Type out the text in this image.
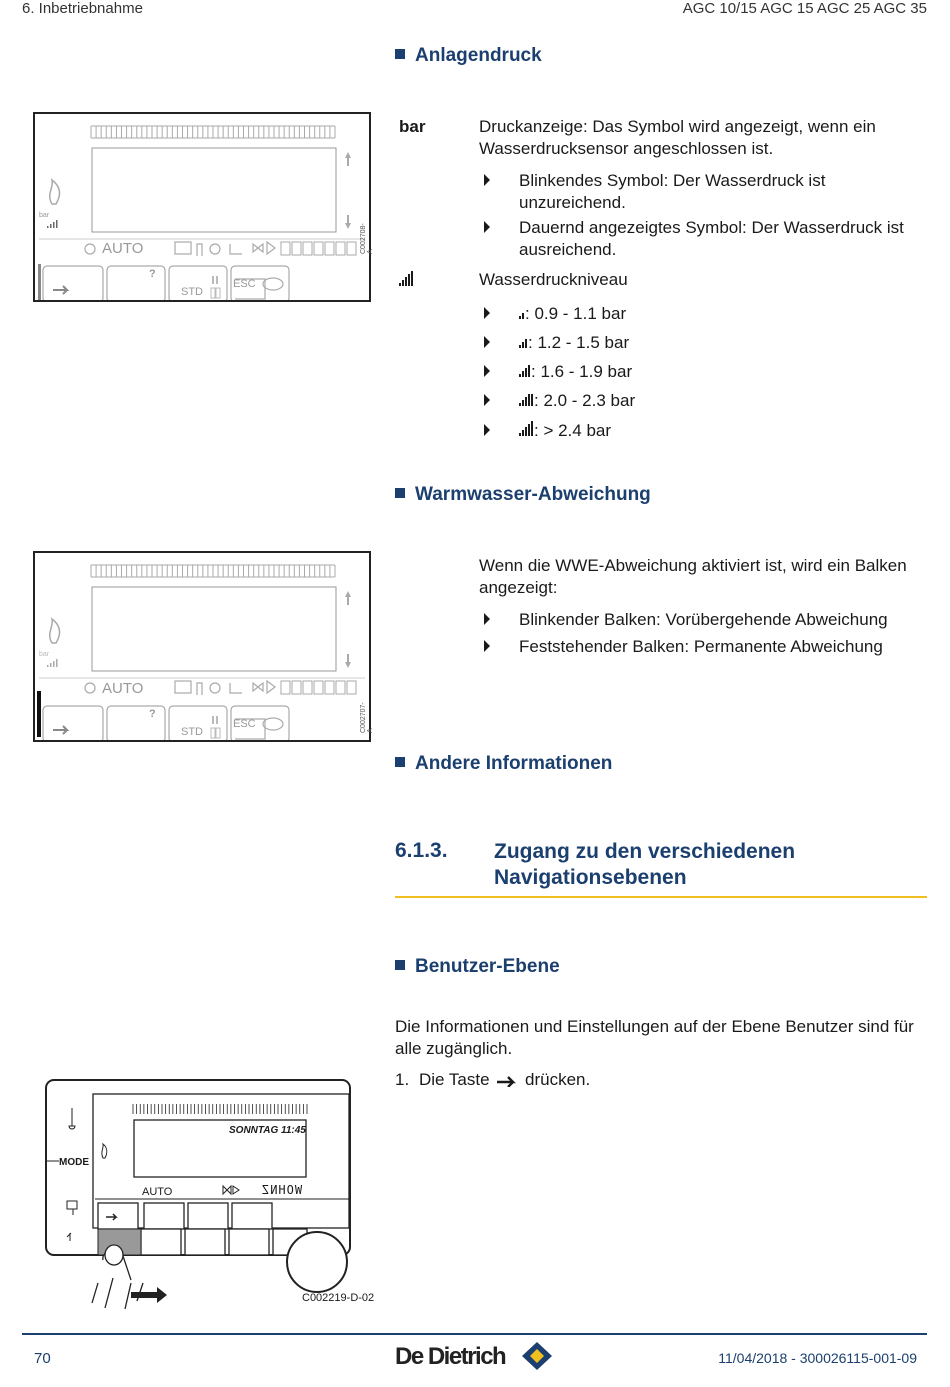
6. Inbetriebnahme	AGC 10/15 AGC 15 AGC 25 AGC 35
Anlagendruck
AUTO
bar
?
STD
ESC
C002708-A
bar	Druckanzeige: Das Symbol wird angezeigt, wenn ein Wasserdrucksensor angeschlossen ist.
Blinkendes Symbol: Der Wasserdruck ist unzureichend.
Dauernd angezeigtes Symbol: Der Wasserdruck ist ausreichend.
Wasserdruckniveau
: 0.9 - 1.1 bar
: 1.2 - 1.5 bar
: 1.6 - 1.9 bar
: 2.0 - 2.3 bar
: > 2.4 bar
Warmwasser-Abweichung
AUTO
bar
?
STD
ESC	C002707-A
Wenn die WWE-Abweichung aktiviert ist, wird ein Balken angezeigt:
Blinkender Balken: Vorübergehende Abweichung
Feststehender Balken: Permanente Abweichung
Andere Informationen
6.1.3. Zugang zu den verschiedenen
Navigationsebenen
Benutzer-Ebene
Die Informationen und Einstellungen auf der Ebene Benutzer sind für alle zugänglich.
1. Die Taste drücken.
SONNTAG 11:45
AUTO
MODE
WOHNZ
C002219-D-02
70	De Dietrich	11/04/2018 - 300026115-001-09
